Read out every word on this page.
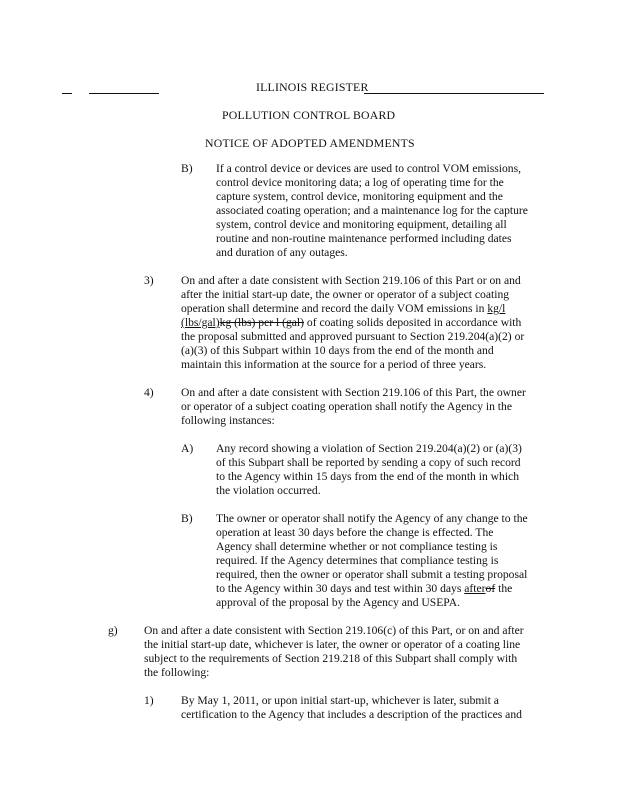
ILLINOIS REGISTER
POLLUTION CONTROL BOARD
NOTICE OF ADOPTED AMENDMENTS
B) If a control device or devices are used to control VOM emissions,
control device monitoring data; a log of operating time for the
capture system, control device, monitoring equipment and the
associated coating operation; and a maintenance log for the capture
system, control device and monitoring equipment, detailing all
routine and non-routine maintenance performed including dates
and duration of any outages.
3) On and after a date consistent with Section 219.106 of this Part or on and
after the initial start-up date, the owner or operator of a subject coating
operation shall determine and record the daily VOM emissions in kg/l
(lbs/gal)kg (lbs) per l (gal) of coating solids deposited in accordance with
the proposal submitted and approved pursuant to Section 219.204(a)(2) or
(a)(3) of this Subpart within 10 days from the end of the month and
maintain this information at the source for a period of three years.
4) On and after a date consistent with Section 219.106 of this Part, the owner
or operator of a subject coating operation shall notify the Agency in the
following instances:
A) Any record showing a violation of Section 219.204(a)(2) or (a)(3)
of this Subpart shall be reported by sending a copy of such record
to the Agency within 15 days from the end of the month in which
the violation occurred.
B) The owner or operator shall notify the Agency of any change to the
operation at least 30 days before the change is effected. The
Agency shall determine whether or not compliance testing is
required. If the Agency determines that compliance testing is
required, then the owner or operator shall submit a testing proposal
to the Agency within 30 days and test within 30 days afterof the
approval of the proposal by the Agency and USEPA.
g) On and after a date consistent with Section 219.106(c) of this Part, or on and after
the initial start-up date, whichever is later, the owner or operator of a coating line
subject to the requirements of Section 219.218 of this Subpart shall comply with
the following:
1) By May 1, 2011, or upon initial start-up, whichever is later, submit a
certification to the Agency that includes a description of the practices and
